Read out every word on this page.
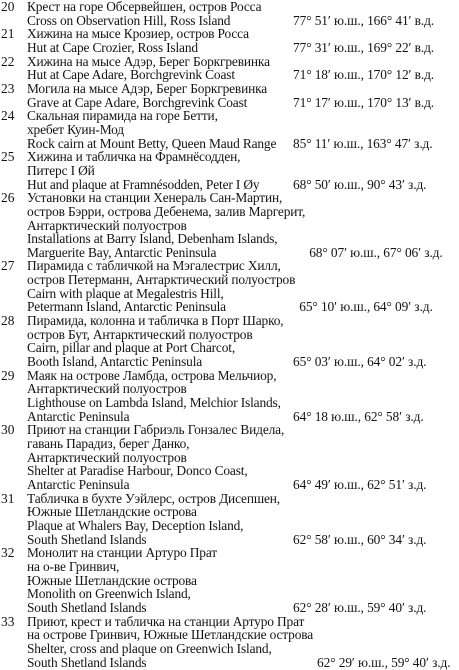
20 Крест на горе Обсервейшен, остров Росса
Cross on Observation Hill, Ross Island	77° 51′ ю.ш., 166° 41′ в.д.
21 Хижина на мысе Крозиер, остров Росса
Hut at Cape Crozier, Ross Island	77° 31′ ю.ш., 169° 22′ в.д.
22 Хижина на мысе Адэр, Берег Боркгревинка
Hut at Cape Adare, Borchgrevink Coast	71° 18′ ю.ш., 170° 12′ в.д.
23 Могила на мысе Адэр, Берег Боркгревинка
Grave at Cape Adare, Borchgrevink Coast	71° 17′ ю.ш., 170° 13′ в.д.
24 Скальная пирамида на горе Бетти,
хребет Куин-Мод
Rock cairn at Mount Betty, Queen Maud Range	85° 11′ ю.ш., 163° 47′ з.д.
25 Хижина и табличка на Фрамнёсодден,
Питерс I Øй
Hut and plaque at Framnésodden, Peter I Øy	68° 50′ ю.ш., 90° 43′ з.д.
26 Установки на станции Хенераль Сан-Мартин,
остров Бэрри, острова Дебенема, залив Маргерит,
Антарктический полуостров
Installations at Barry Island, Debenham Islands,
Marguerite Bay, Antarctic Peninsula	68° 07′ ю.ш., 67° 06′ з.д.
27 Пирамида с табличкой на Мэгалестрис Хилл,
остров Петерманн, Антарктический полуостров
Cairn with plaque at Megalestris Hill,
Petermann Island, Antarctic Peninsula	65° 10′ ю.ш., 64° 09′ з.д.
28 Пирамида, колонна и табличка в Порт Шарко,
остров Бут, Антарктический полуостров
Cairn, pillar and plaque at Port Charcot,
Booth Island, Antarctic Peninsula	65° 03′ ю.ш., 64° 02′ з.д.
29 Маяк на острове Ламбда, острова Мельчиор,
Антарктический полуостров
Lighthouse on Lambda Island, Melchior Islands,
Antarctic Peninsula	64° 18 ю.ш., 62° 58′ з.д.
30 Приют на станции Габриэль Гонзалес Видела,
гавань Парадиз, берег Данко,
Антарктический полуостров
Shelter at Paradise Harbour, Donco Coast,
Antarctic Peninsula	64° 49′ ю.ш., 62° 51′ з.д.
31 Табличка в бухте Уэйлерс, остров Дисепшен,
Южные Шетландские острова
Plaque at Whalers Bay, Deception Island,
South Shetland Islands	62° 58′ ю.ш., 60° 34′ з.д.
32 Монолит на станции Артуро Прат
на о-ве Гринвич,
Южные Шетландские острова
Monolith on Greenwich Island,
South Shetland Islands	62° 28′ ю.ш., 59° 40′ з.д.
33 Приют, крест и табличка на станции Артуро Прат
на острове Гринвич, Южные Шетландские острова
Shelter, cross and plaque on Greenwich Island,
South Shetland Islands	62° 29′ ю.ш., 59° 40′ з.д.
